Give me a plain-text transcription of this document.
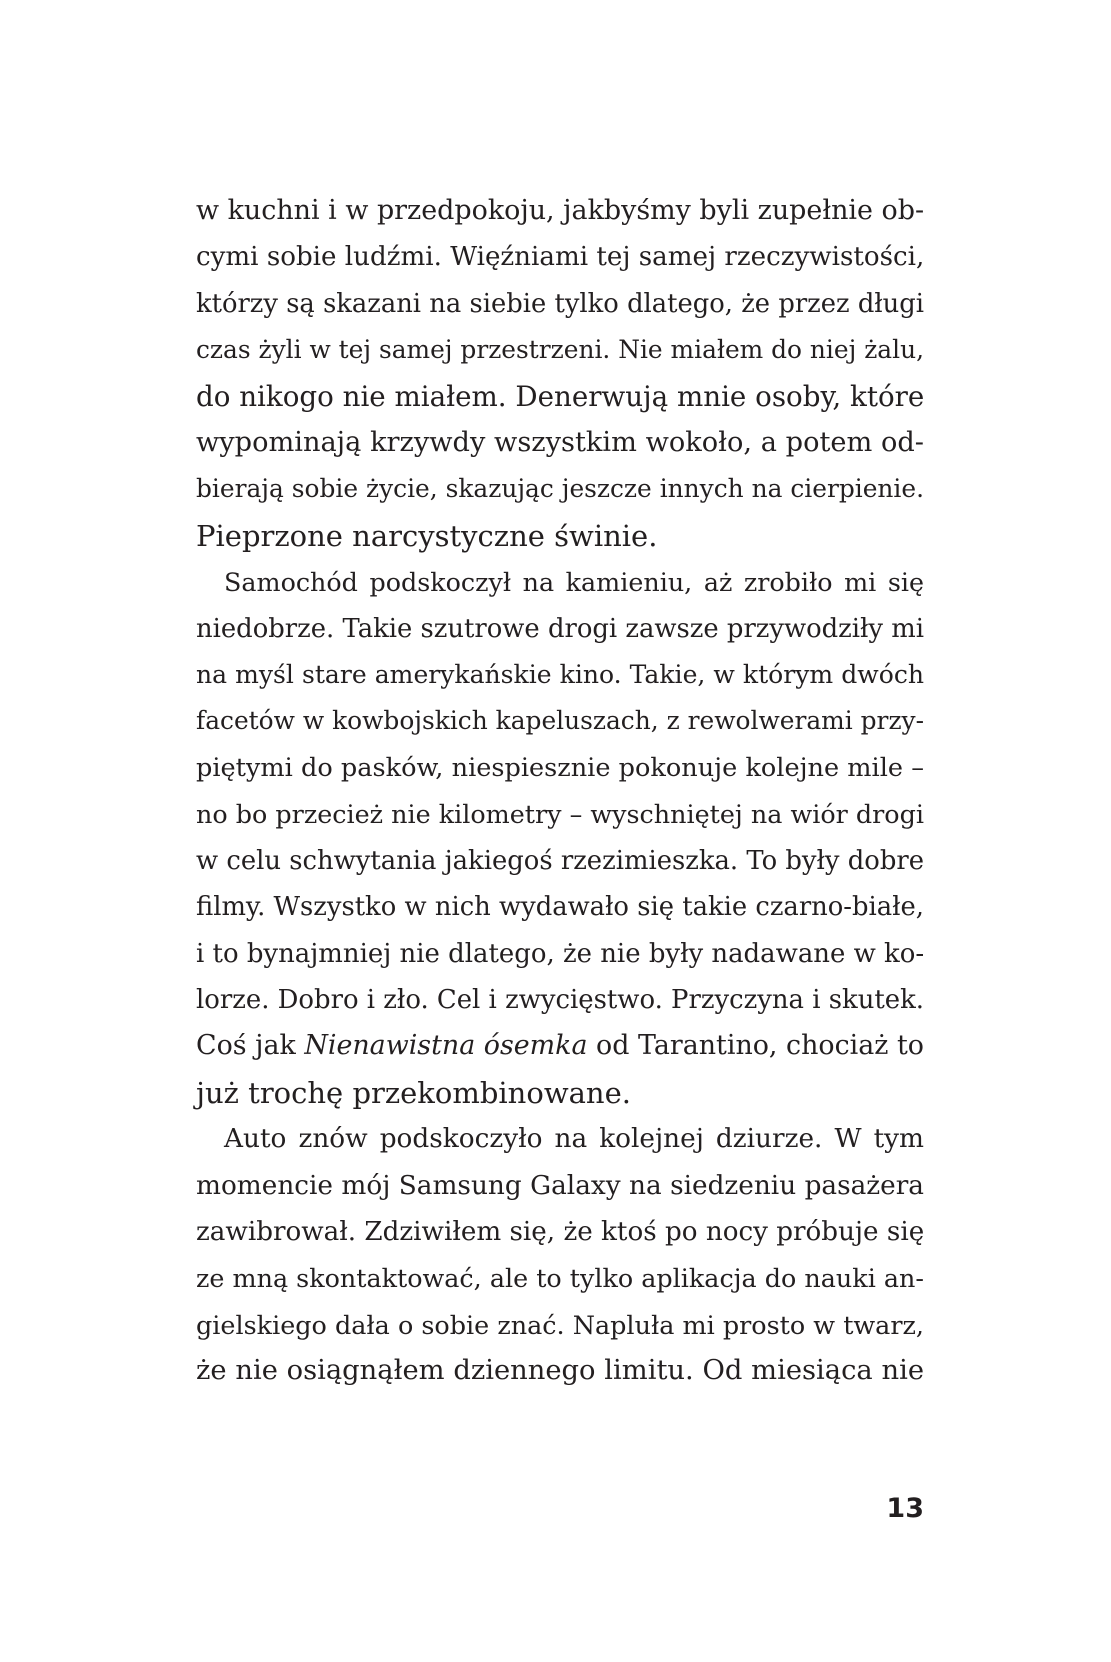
w kuchni i w przedpokoju, jakbyśmy byli zupełnie ob-
cymi sobie ludźmi. Więźniami tej samej rzeczywistości,
którzy są skazani na siebie tylko dlatego, że przez długi
czas żyli w tej samej przestrzeni. Nie miałem do niej żalu,
do nikogo nie miałem. Denerwują mnie osoby, które
wypominają krzywdy wszystkim wokoło, a potem od-
bierają sobie życie, skazując jeszcze innych na cierpienie.
Pieprzone narcystyczne świnie.

Samochód podskoczył na kamieniu, aż zrobiło mi się
niedobrze. Takie szutrowe drogi zawsze przywodziły mi
na myśl stare amerykańskie kino. Takie, w którym dwóch
facetów w kowbojskich kapeluszach, z rewolwerami przy-
piętymi do pasków, niespiesznie pokonuje kolejne mile –
no bo przecież nie kilometry – wyschniętej na wiór drogi
w celu schwytania jakiegoś rzezimieszka. To były dobre
filmy. Wszystko w nich wydawało się takie czarno-białe,
i to bynajmniej nie dlatego, że nie były nadawane w ko-
lorze. Dobro i zło. Cel i zwycięstwo. Przyczyna i skutek.
Coś jak Nienawistna ósemka od Tarantino, chociaż to
już trochę przekombinowane.

Auto znów podskoczyło na kolejnej dziurze. W tym
momencie mój Samsung Galaxy na siedzeniu pasażera
zawibrował. Zdziwiłem się, że ktoś po nocy próbuje się
ze mną skontaktować, ale to tylko aplikacja do nauki an-
gielskiego dała o sobie znać. Napluła mi prosto w twarz,
że nie osiągnąłem dziennego limitu. Od miesiąca nie

13
